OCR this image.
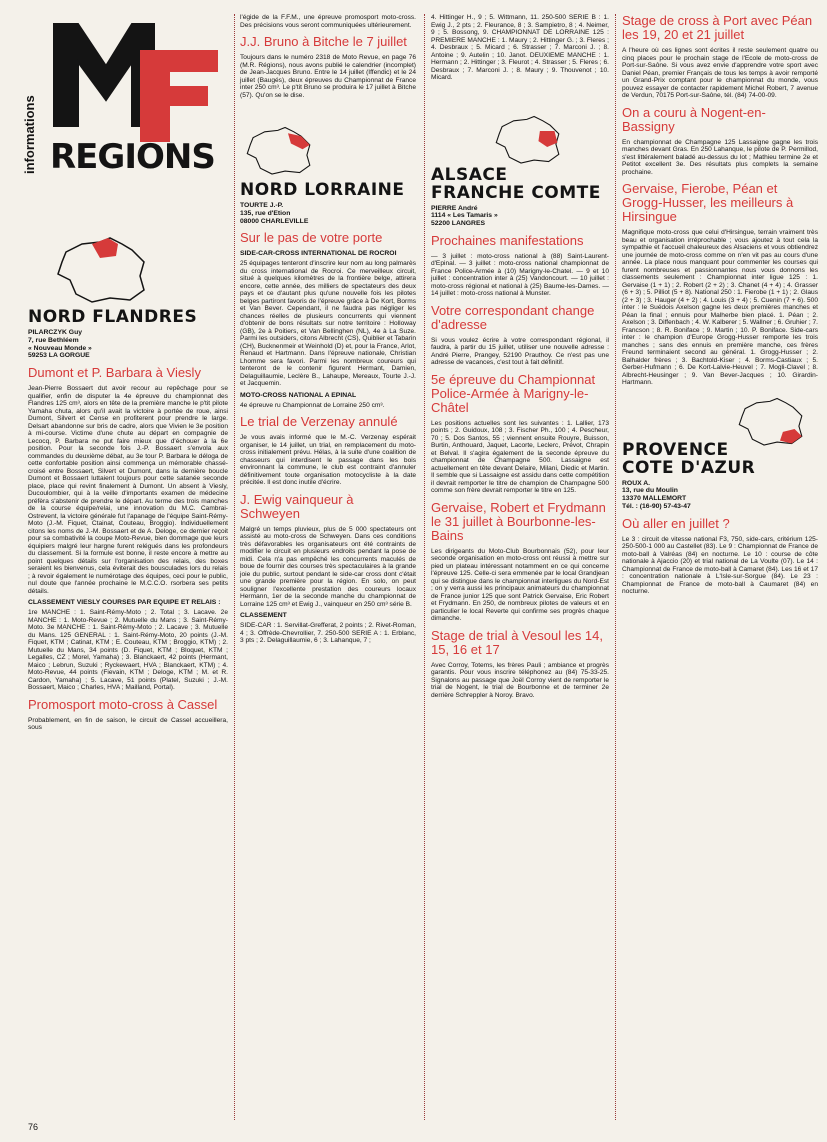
informations REGIONS
NORD FLANDRES
PILARCZYK Guy
7, rue Bethléem
« Nouveau Monde »
59253 LA GORGUE
Dumont et P. Barbara à Viesly

Jean-Pierre Bossaert dut avoir recour au repêchage pour se qualifier, enfin de disputer la 4e épreuve du championnat des Flandres 125 cm³, alors en tête de la première manche le p'tit pilote Yamaha chuta, alors qu'il avait la victoire à portée de roue, ainsi Dumont, Silvert et Cense en profiterent pour prendre le large. Delsart abandonne sur bris de cadre, alors que Vivien le 3e position à mi-course. Victime d'une chute au départ en compagnie de Lecocq, P. Barbara ne put faire mieux que d'échouer à la 6e position. Pour la seconde fois J.-P. Bossaert s'envola aux commandes du deuxième débat, au 3e tour P. Barbara le déloga de cette confortable position ainsi commença un mémorable chassé-croisé entre Bossaert, Silvert et Dumont, dans la dernière boucle Dumont et Bossaert luttaient toujours pour cette satanée seconde place, place qui revint finalement à Dumont. Un absent à Viesly, Ducoulombier, qui à la veille d'importants examen de médecine préfèra s'abstenir de prendre le départ. Au terme des trois manches de la course équipe/relai, une innovation du M.C. Cambrai-Ostrevent, la victoire générale fut l'apanage de l'équipe Saint-Rémy-Moto (J.-M. Fiquet, Ctainat, Couteau, Broggio). Individuellement citons les noms de J.-M. Bossaert et de A. Deloge, ce dernier reçoit pour sa combativité la coupe Moto-Revue, bien dommage que leurs équipiers malgré leur hargne furent relégués dans les profondeurs du classement. Si la formule est bonne, il reste encore à mettre au point quelques détails sur l'organisation des relais, des boxes seraient les bienvenus, cela éviterait des bousculades lors du relais ; à revoir également le numérotage des équipes, ceci pour le public, nul doute que l'année prochaine le M.C.C.O. rsorbera ses petits détails.

CLASSEMENT VIESLY COURSES PAR EQUIPE ET RELAIS :

1re MANCHE : 1. Saint-Rémy-Moto ; 2. Total ; 3. Lacave. 2e MANCHE : 1. Moto-Revue ; 2. Mutuelle du Mans ; 3. Saint-Rémy-Moto. 3e MANCHE : 1. Saint-Rémy-Moto ; 2. Lacave ; 3. Mutuelle du Mans. 125 GENERAL : 1. Saint-Rémy-Moto, 20 points (J.-M. Fiquet, KTM ; Catinat, KTM ; E. Couteau, KTM ; Broggio, KTM) ; 2. Mutuelle du Mans, 34 points (D. Fiquet, KTM ; Bloquet, KTM ; Legalles, CZ ; Morel, Yamaha) ; 3. Blanckaert, 42 points (Hermant, Maico ; Lebrun, Suzuki ; Ryckewaert, HVA ; Blanckaert, KTM) ; 4. Moto-Revue, 44 points (Fievain, KTM ; Deloge, KTM ; M. et R. Cardon, Yamaha) ; 5. Lacave, 51 points (Platel, Suzuki ; J.-M. Bossaert, Maico ; Charles, HVA ; Mailland, Portal).

Promosport moto-cross à Cassel

Probablement, en fin de saison, le circuit de Cassel accueillera, sous

l'égide de la F.F.M., une épreuve promosport moto-cross. Des précisions vous seront communiquées ultérieurement.

J.J. Bruno à Bitche le 7 juillet

Toujours dans le numéro 2318 de Moto Revue, en page 76 (M.R. Régions), nous avons publié le calendrier (incomplet) de Jean-Jacques Bruno. Entre le 14 juillet (Iffendic) et le 24 juillet (Baugés), deux épreuves du Championnat de France inter 250 cm³. Le p'tit Bruno se produira le 17 juillet à Bitche (57). Qu'on se le dise.

NORD LORRAINE
TOURTE J.-P.
135, rue d'Etion
08000 CHARLEVILLE
Sur le pas de votre porte

SIDE-CAR-CROSS INTERNATIONAL DE ROCROI

25 équipages tenteront d'inscrire leur nom au long palmarès du cross international de Rocroi. Ce merveilleux circuit, situé à quelques kilomètres de la frontière belge, attirera encore, cette année, des milliers de spectateurs des deux pays et ce d'autant plus qu'une nouvelle fois les pilotes belges partiront favoris de l'épreuve grâce à De Kort, Borms et Van Bever. Cependant, il ne faudra pas négliger les chances réelles de plusieurs concurrents qui viennent d'obtenir de bons résultats sur notre territoire : Holloway (GB), 2e à Poitiers, et Van Bellinghen (NL), 4e à La Suze. Parmi les outsiders, citons Albrecht (CS), Quiblier et Tabarin (CH), Bucknenmeir et Weinhold (D) et, pour la France, Arlot, Renaud et Hartmann. Dans l'épreuve nationale, Christian Lhomme sera favori. Parmi les nombreux coureurs qui tenteront de le contenir figurent Hermant, Damien, Delaguillaumie, Leclère B., Lahaupe, Mereaux, Tourte J.-J. et Jacquemin.

MOTO-CROSS NATIONAL A EPINAL

4e épreuve ru Championnat de Lorraine 250 cm³.

Le trial de Verzenay annulé

Je vous avais informé que le M.-C. Verzenay espérait organiser, le 14 juillet, un trial, en remplacement du moto-cross initialement prévu. Hélas, à la suite d'une coalition de chasseurs qui interdisent le passage dans les bois environnant la commune, le club est contraint d'annuler définitivement toute organisation motocycliste à la date précitée. Il est donc inutile d'écrire.

J. Ewig vainqueur à Schweyen

Malgré un temps pluvieux, plus de 5 000 spectateurs ont assisté au moto-cross de Schweyen. Dans ces conditions très défavorables les organisateurs ont été contraints de modifier le circuit en plusieurs endroits pendant la pose de midi. Cela n'a pas empêché les concurrents maculés de boue de fournir des courses très spectaculaires à la grande joie du public, surtout pendant le side-car cross dont c'était une grande première pour la région. En solo, on peut souligner l'excellente prestation des coureurs locaux Hermann, 1er de la seconde manche du championnat de Lorraine 125 cm³ et Ewig J., vainqueur en 250 cm³ série B.

CLASSEMENT

SIDE-CAR : 1. Servillat-Grefferat, 2 points ; 2. Rivet-Roman, 4 ; 3. Offrède-Chevrollier, 7. 250-500 SERIE A : 1. Erblanc, 3 pts ; 2. Delaguillaumie, 6 ; 3. Lahanque, 7 ;

4. Hittinger H., 9 ; 5. Wittmann, 11. 250-500 SERIE B : 1. Ewig J., 2 pts ; 2. Fleurance, 8 ; 3. Sampietro, 8 ; 4. Neimer, 9 ; 5. Bossong, 9. CHAMPIONNAT DE LORRAINE 125 : PREMIERE MANCHE : 1. Maury ; 2. Hittinger G. ; 3. Fleres ; 4. Desbraux ; 5. Micard ; 6. Strasser ; 7. Marconi J. ; 8. Antoine ; 9. Autelin ; 10. Janot. DEUXIEME MANCHE : 1. Hermann ; 2. Hittinger ; 3. Fleurot ; 4. Strasser ; 5. Fleres ; 6. Desbraux ; 7. Marconi J. ; 8. Maury ; 9. Thouvenot ; 10. Micard.

ALSACE
FRANCHE COMTE
PIERRE André
1114 « Les Tamaris »
52200 LANGRES
Prochaines manifestations

— 3 juillet : moto-cross national à (88) Saint-Laurent-d'Epinal. — 3 juillet : moto-cross national championnat de France Police-Armée à (10) Marigny-le-Chatel. — 9 et 10 juillet : concentration inter à (25) Vandoncourt. — 10 juillet : moto-cross régional et national à (25) Baume-les-Dames. — 14 juillet : moto-cross national à Munster.

Votre correspondant change d'adresse

Si vous voulez écrire à votre correspondant régional, il faudra, à partir du 15 juillet, utiliser une nouvelle adresse : André Pierre, Prangey, 52190 Prauthoy. Ce n'est pas une adresse de vacances, c'est tout à fait définitif.

5e épreuve du Championnat Police-Armée à Marigny-le-Châtel

Les positions actuelles sont les suivantes : 1. Lallier, 173 points ; 2. Guidoux, 108 ; 3. Fischer Ph., 100 ; 4. Pescheur, 70 ; 5. Dos Santos, 55 ; viennent ensuite Rouyre, Buisson, Burtin, Anthouard, Jaquet, Lacorte, Leclerc, Prévot, Chrapin et Belval. Il s'agira également de la seconde épreuve du championnat de Champagne 500. Lassaigne est actuellement en tête devant Delaire, Milani, Diedic et Martin. Il semble que si Lassaigne est assidu dans cette compétition il devrait remporter le titre de champion de Champagne 500 comme son frère devrait remporter le titre en 125.

Gervaise, Robert et Frydmann le 31 juillet à Bourbonne-les-Bains

Les dirigeants du Moto-Club Bourbonnais (52), pour leur seconde organisation en moto-cross ont réussi à mettre sur pied un plateau intéressant notamment en ce qui concerne l'épreuve 125. Celle-ci sera emmenée par le local Grandjean qui se distingue dans le championnat interligues du Nord-Est ; on y verra aussi les principaux animateurs du championnat de France junior 125 que sont Patrick Gervaise, Eric Robert et Frydmann. En 250, de nombreux pilotes de valeurs et en particulier le local Reverte qui confirme ses progrès chaque dimanche.

Stage de trial à Vesoul les 14, 15, 16 et 17

Avec Corroy, Totems, les frères Pauli ; ambiance et progrès garantis. Pour vous inscrire téléphonez au (84) 75-33-25. Signalons au passage que Joël Corroy vient de remporter le trial de Nogent, le trial de Bourbonne et de terminer 2e derrière Schreppler à Noroy. Bravo.

Stage de cross à Port avec Péan les 19, 20 et 21 juillet

A l'heure où ces lignes sont écrites il reste seulement quatre ou cinq places pour le prochain stage de l'Ecole de moto-cross de Port-sur-Saône. Si vous avez envie d'apprendre votre sport avec Daniel Péan, premier Français de tous les temps à avoir remporté un Grand-Prix comptant pour le championnat du monde, vous pouvez essayer de contacter rapidement Michel Robert, 7 avenue de Verdun, 70175 Port-sur-Saône, tél. (84) 74-00-09.

On a couru à Nogent-en-Bassigny

En championnat de Champagne 125 Lassaigne gagne les trois manches devant Gras. En 250 Lahanque, le pilote de P. Permillod, s'est littéralement baladé au-dessus du lot ; Mathieu termine 2e et Petitot excellent 3e. Des résultats plus complets la semaine prochaine.

Gervaise, Fierobe, Péan et Grogg-Husser, les meilleurs à Hirsingue

Magnifique moto-cross que celui d'Hirsingue, terrain vraiment très beau et organisation irréprochable ; vous ajoutez à tout cela la sympathie et l'accueil chaleureux des Alsaciens et vous obtiendrez une journée de moto-cross comme on n'en vit pas au cours d'une année. La place nous manquant pour commenter les courses qui furent nombreuses et passionnantes nous vous donnons les classements seulement : Championnat inter ligue 125 : 1. Gervaise (1 + 1) ; 2. Robert (2 + 2) ; 3. Chanet (4 + 4) ; 4. Grasser (6 + 3) ; 5. Pilliot (5 + 8). National 250 : 1. Fierobe (1 + 1) ; 2. Glaus (2 + 3) ; 3. Hauger (4 + 2) ; 4. Louis (3 + 4) ; 5. Cuenin (7 + 6). 500 inter : le Suédois Axelson gagne les deux premières manches et Péan la final ; ennuis pour Malherbe bien placé. 1. Péan ; 2. Axelson ; 3. Diffenbach ; 4. W. Kalberer ; 5. Wallner ; 6. Gruhier ; 7. Francson ; 8. R. Boniface ; 9. Martin ; 10. P. Boniface. Side-cars inter : le champion d'Europe Grogg-Husser remporte les trois manches ; sans des ennuis en première manche, ces frères Freund terminaient second au général. 1. Grogg-Husser ; 2. Balhalder frères ; 3. Bachtold-Kiser ; 4. Borms-Castiaux ; 5. Gerber-Hufmann ; 6. De Kort-Lalvie-Heuvel ; 7. Mogli-Clavel ; 8. Albrecht-Heusinger ; 9. Van Bever-Jacques ; 10. Girardin-Hartmann.

PROVENCE
COTE D'AZUR
ROUX A.
13, rue du Moulin
13370 MALLEMORT
Tél. : (16-90) 57-43-47
Où aller en juillet ?

Le 3 : circuit de vitesse national F3, 750, side-cars, critérium 125-250-500-1 000 au Castellet (83). Le 9 : Championnat de France de moto-ball à Valréas (84) en nocturne. Le 10 : course de côte nationale à Ajaccio (20) et trial national de La Voulte (07). Le 14 : Championnat de France de moto-ball à Camaret (84). Les 16 et 17 : concentration nationale à L'Isle-sur-Sorgue (84). Le 23 : Championnat de France de moto-ball à Caumaret (84) en nocturne.

76
